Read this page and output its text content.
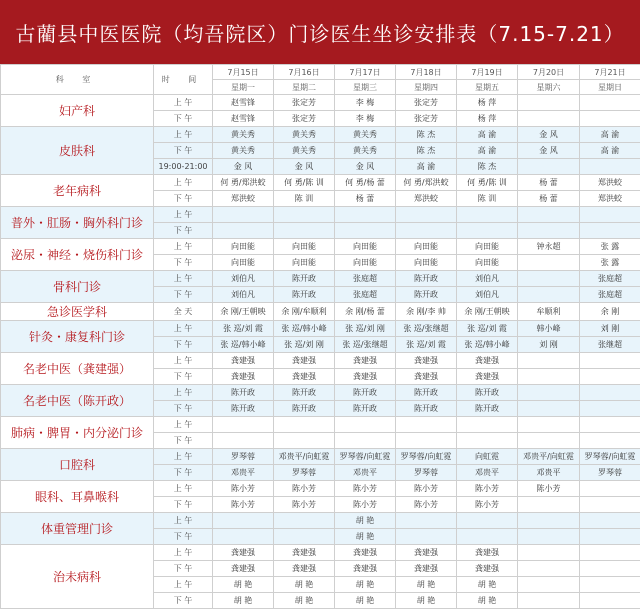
古藺县中医医院（均吾院区）门诊医生坐诊安排表（7.15-7.21）
科 室	时 间	7月15日	7月16日	7月17日	7月18日	7月19日	7月20日	7月21日
		星期一	星期二	星期三	星期四	星期五	星期六	星期日
妇产科	上 午	赵雪锋	张定芳	李 梅	张定芳	杨 萍		
	下 午	赵雪锋	张定芳	李 梅	张定芳	杨 萍		
皮肤科	上 午	黄关秀	黄关秀	黄关秀	陈 杰	高 渝	金 风	高 渝
	下 午	黄关秀	黄关秀	黄关秀	陈 杰	高 渝	金 风	高 渝
	19:00-21:00	金 风	金 风	金 风	高 渝	陈 杰		
老年病科	上 午	何 勇/郑洪蛟	何 勇/陈 训	何 勇/杨 蕾	何 勇/郑洪蛟	何 勇/陈 训	杨 蕾	郑洪蛟
	下 午	郑洪蛟	陈 训	杨 蕾	郑洪蛟	陈 训	杨 蕾	郑洪蛟
普外・肛肠・胸外科门诊	上 午							
	下 午							
泌尿・神经・烧伤科门诊	上 午	向田能	向田能	向田能	向田能	向田能	钟永超	张 露
	下 午	向田能	向田能	向田能	向田能	向田能		张 露
骨科门诊	上 午	刘伯凡	陈开政	张庭超	陈开政	刘伯凡		张庭超
	下 午	刘伯凡	陈开政	张庭超	陈开政	刘伯凡		张庭超
急诊医学科	全 天	余 刚/王朝映	余 刚/牟顺利	余 刚/杨 蕾	余 刚/李 帅	余 刚/王朝映	牟顺利	余 刚
针灸・康复科门诊	上 午	张 巡/刘 霞	张 巡/韩小峰	张 巡/刘 刚	张 巡/张继超	张 巡/刘 霞	韩小峰	刘 刚
	下 午	张 巡/韩小峰	张 巡/刘 刚	张 巡/张继超	张 巡/刘 霞	张 巡/韩小峰	刘 刚	张继超
名老中医（龚建强）	上 午	龚建强	龚建强	龚建强	龚建强	龚建强		
	下 午	龚建强	龚建强	龚建强	龚建强	龚建强		
名老中医（陈开政）	上 午	陈开政	陈开政	陈开政	陈开政	陈开政		
	下 午	陈开政	陈开政	陈开政	陈开政	陈开政		
肺病・脾胃・内分泌门诊	上 午							
	下 午							
口腔科	上 午	罗琴蓉	邓贵平/向虹霓	罗琴蓉/向虹霓	罗琴蓉/向虹霓	向虹霓	邓贵平/向虹霓	罗琴蓉/向虹霓
	下 午	邓贵平	罗琴蓉	邓贵平	罗琴蓉	邓贵平	邓贵平	罗琴蓉
眼科、耳鼻喉科	上 午	陈小芳	陈小芳	陈小芳	陈小芳	陈小芳	陈小芳	
	下 午	陈小芳	陈小芳	陈小芳	陈小芳	陈小芳		
体重管理门诊	上 午			胡 艳				
	下 午			胡 艳				
治未病科	上 午	龚建强	龚建强	龚建强	龚建强	龚建强		
	下 午	龚建强	龚建强	龚建强	龚建强	龚建强		
	上 午	胡 艳	胡 艳	胡 艳	胡 艳	胡 艳		
	下 午	胡 艳	胡 艳	胡 艳	胡 艳	胡 艳		
